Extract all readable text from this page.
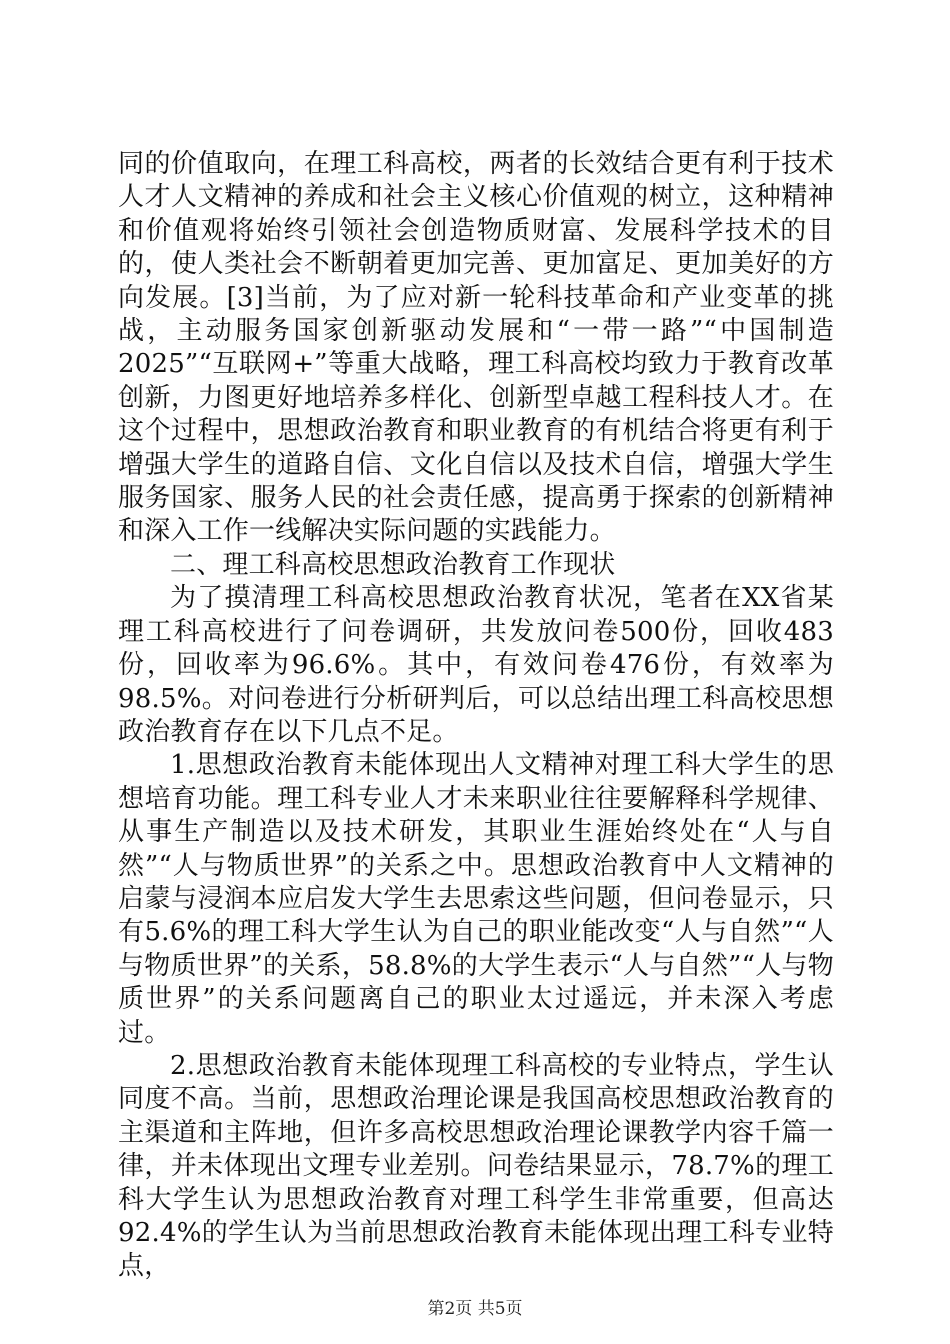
同的价值取向，在理工科高校，两者的长效结合更有利于技术人才人文精神的养成和社会主义核心价值观的树立，这种精神和价值观将始终引领社会创造物质财富、发展科学技术的目的，使人类社会不断朝着更加完善、更加富足、更加美好的方向发展。[3]当前，为了应对新一轮科技革命和产业变革的挑战，主动服务国家创新驱动发展和“一带一路”“中国制造2025”“互联网+”等重大战略，理工科高校均致力于教育改革创新，力图更好地培养多样化、创新型卓越工程科技人才。在这个过程中，思想政治教育和职业教育的有机结合将更有利于增强大学生的道路自信、文化自信以及技术自信，增强大学生服务国家、服务人民的社会责任感，提高勇于探索的创新精神和深入工作一线解决实际问题的实践能力。

二、理工科高校思想政治教育工作现状

为了摸清理工科高校思想政治教育状况，笔者在XX省某理工科高校进行了问卷调研，共发放问卷500份，回收483份，回收率为96.6%。其中，有效问卷476份，有效率为98.5%。对问卷进行分析研判后，可以总结出理工科高校思想政治教育存在以下几点不足。

1.思想政治教育未能体现出人文精神对理工科大学生的思想培育功能。理工科专业人才未来职业往往要解释科学规律、从事生产制造以及技术研发，其职业生涯始终处在“人与自然”“人与物质世界”的关系之中。思想政治教育中人文精神的启蒙与浸润本应启发大学生去思索这些问题，但问卷显示，只有5.6%的理工科大学生认为自己的职业能改变“人与自然”“人与物质世界”的关系，58.8%的大学生表示“人与自然”“人与物质世界”的关系问题离自己的职业太过遥远，并未深入考虑过。

2.思想政治教育未能体现理工科高校的专业特点，学生认同度不高。当前，思想政治理论课是我国高校思想政治教育的主渠道和主阵地，但许多高校思想政治理论课教学内容千篇一律，并未体现出文理专业差别。问卷结果显示，78.7%的理工科大学生认为思想政治教育对理工科学生非常重要，但高达92.4%的学生认为当前思想政治教育未能体现出理工科专业特点，

第2页 共5页
